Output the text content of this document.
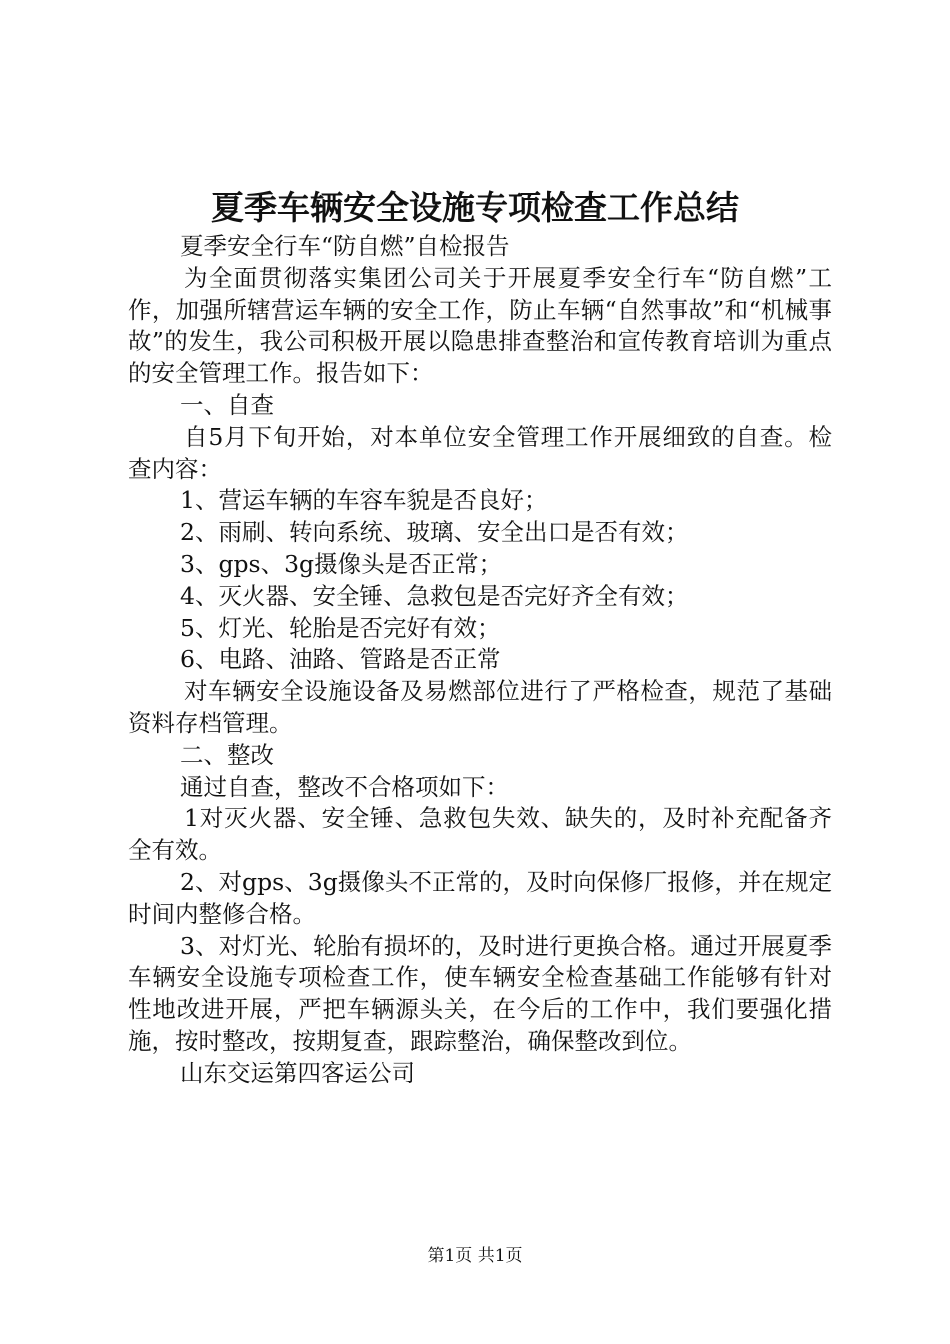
夏季车辆安全设施专项检查工作总结

夏季安全行车“防自燃”自检报告

为全面贯彻落实集团公司关于开展夏季安全行车“防自燃”工作，加强所辖营运车辆的安全工作，防止车辆“自然事故”和“机械事故”的发生，我公司积极开展以隐患排查整治和宣传教育培训为重点的安全管理工作。报告如下：

一、自查

自5月下旬开始，对本单位安全管理工作开展细致的自查。检查内容：

1、营运车辆的车容车貌是否良好；

2、雨刷、转向系统、玻璃、安全出口是否有效；

3、gps、3g摄像头是否正常；

4、灭火器、安全锤、急救包是否完好齐全有效；

5、灯光、轮胎是否完好有效；

6、电路、油路、管路是否正常

对车辆安全设施设备及易燃部位进行了严格检查，规范了基础资料存档管理。

二、整改

通过自查，整改不合格项如下：

1对灭火器、安全锤、急救包失效、缺失的，及时补充配备齐全有效。

2、对gps、3g摄像头不正常的，及时向保修厂报修，并在规定时间内整修合格。

3、对灯光、轮胎有损坏的，及时进行更换合格。通过开展夏季车辆安全设施专项检查工作，使车辆安全检查基础工作能够有针对性地改进开展，严把车辆源头关，在今后的工作中，我们要强化措施，按时整改，按期复查，跟踪整治，确保整改到位。

山东交运第四客运公司

第1页 共1页
